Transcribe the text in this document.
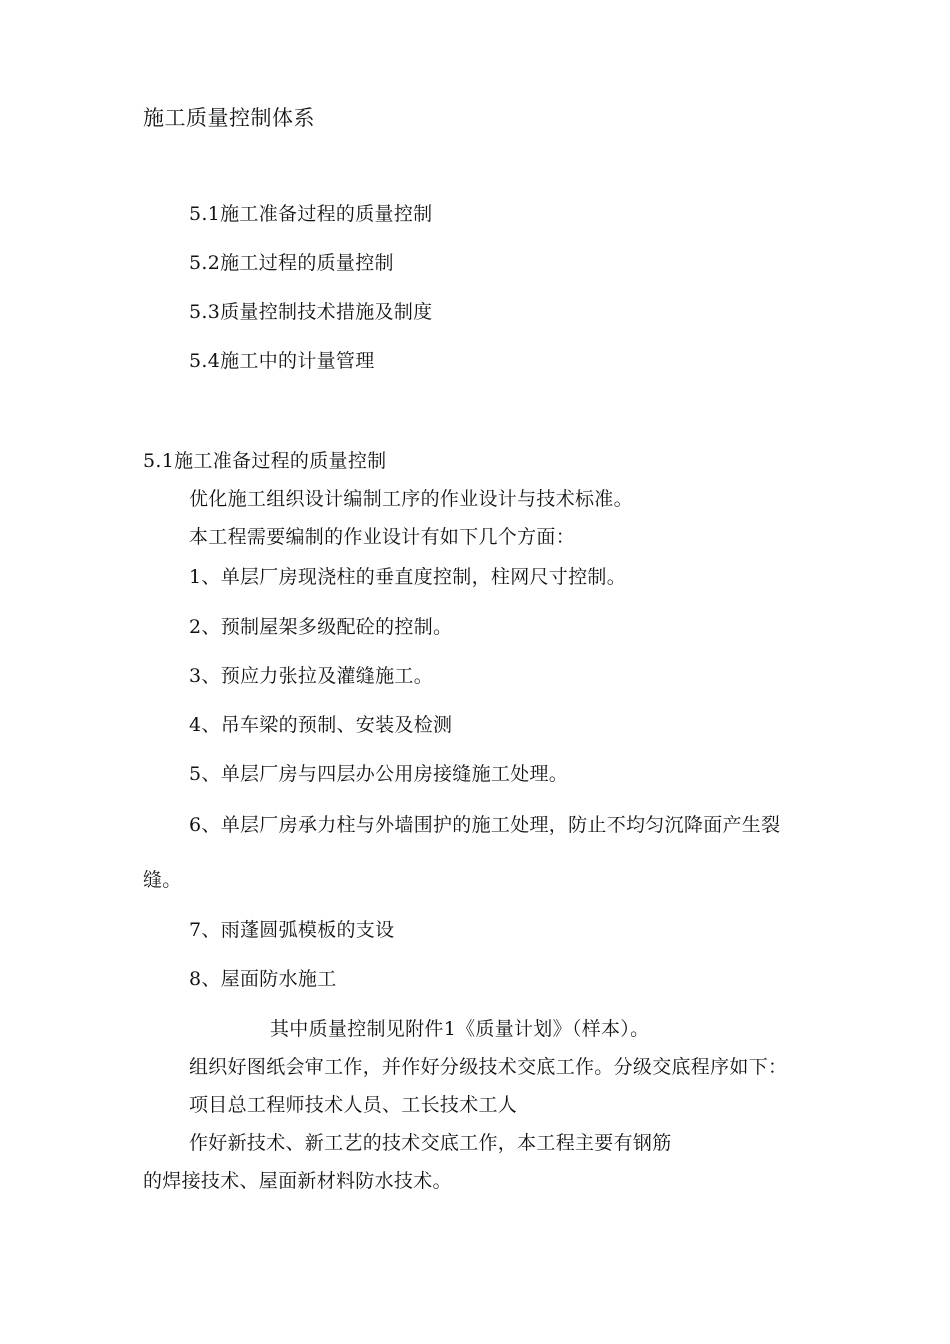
施工质量控制体系
5.1施工准备过程的质量控制
5.2施工过程的质量控制
5.3质量控制技术措施及制度
5.4施工中的计量管理
5.1施工准备过程的质量控制
优化施工组织设计编制工序的作业设计与技术标准。
本工程需要编制的作业设计有如下几个方面：
1、单层厂房现浇柱的垂直度控制，柱网尺寸控制。
2、预制屋架多级配砼的控制。
3、预应力张拉及灌缝施工。
4、吊车梁的预制、安装及检测
5、单层厂房与四层办公用房接缝施工处理。
6、单层厂房承力柱与外墙围护的施工处理，防止不均匀沉降面产生裂
缝。
7、雨蓬圆弧模板的支设
8、屋面防水施工
其中质量控制见附件1《质量计划》（样本）。
组织好图纸会审工作，并作好分级技术交底工作。分级交底程序如下：
项目总工程师技术人员、工长技术工人
作好新技术、新工艺的技术交底工作，本工程主要有钢筋
的焊接技术、屋面新材料防水技术。
